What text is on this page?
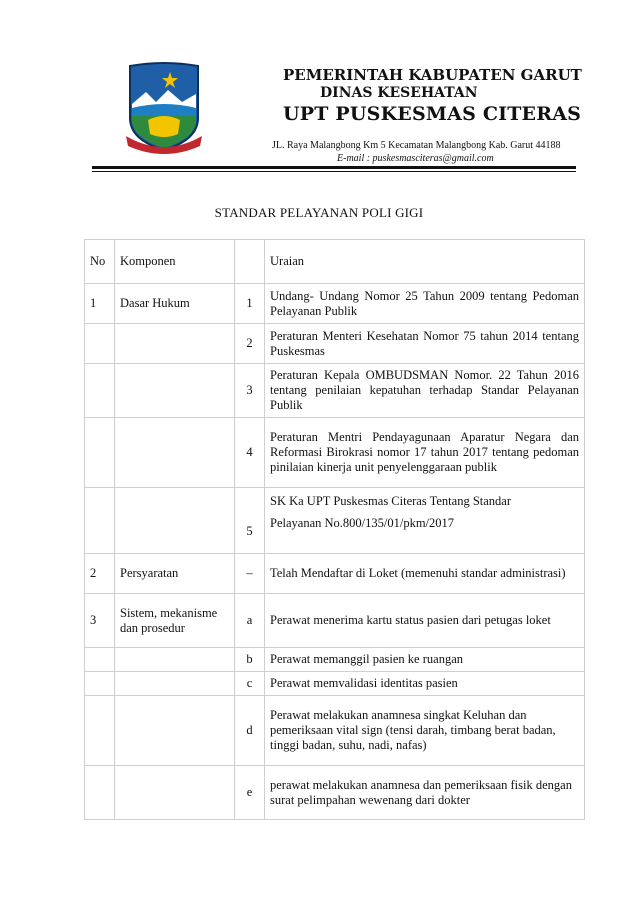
PEMERINTAH KABUPATEN GARUT
DINAS KESEHATAN
UPT PUSKESMAS CITERAS
JL. Raya Malangbong Km 5 Kecamatan Malangbong Kab. Garut 44188
E-mail : puskesmasciteras@gmail.com
STANDAR PELAYANAN POLI GIGI
No	Komponen		Uraian
1	Dasar Hukum	1	Undang- Undang Nomor 25 Tahun 2009 tentang Pedoman Pelayanan Publik
		2	Peraturan Menteri Kesehatan Nomor 75 tahun 2014 tentang Puskesmas
		3	Peraturan Kepala OMBUDSMAN Nomor. 22 Tahun 2016 tentang penilaian kepatuhan terhadap Standar Pelayanan Publik
		4	Peraturan Mentri Pendayagunaan Aparatur Negara dan Reformasi Birokrasi nomor 17 tahun 2017 tentang pedoman pinilaian kinerja unit penyelenggaraan publik
		5	SK Ka UPT Puskesmas Citeras Tentang Standar
Pelayanan No.800/135/01/pkm/2017

2	Persyaratan	–	Telah Mendaftar di Loket (memenuhi standar administrasi)
3	Sistem, mekanisme dan prosedur	a	Perawat menerima kartu status pasien dari petugas loket
		b	Perawat memanggil pasien ke ruangan
		c	Perawat memvalidasi identitas pasien
		d	Perawat melakukan anamnesa singkat Keluhan dan pemeriksaan vital sign (tensi darah, timbang berat badan, tinggi badan, suhu, nadi, nafas)
		e	perawat melakukan anamnesa dan pemeriksaan fisik dengan surat pelimpahan wewenang dari dokter
